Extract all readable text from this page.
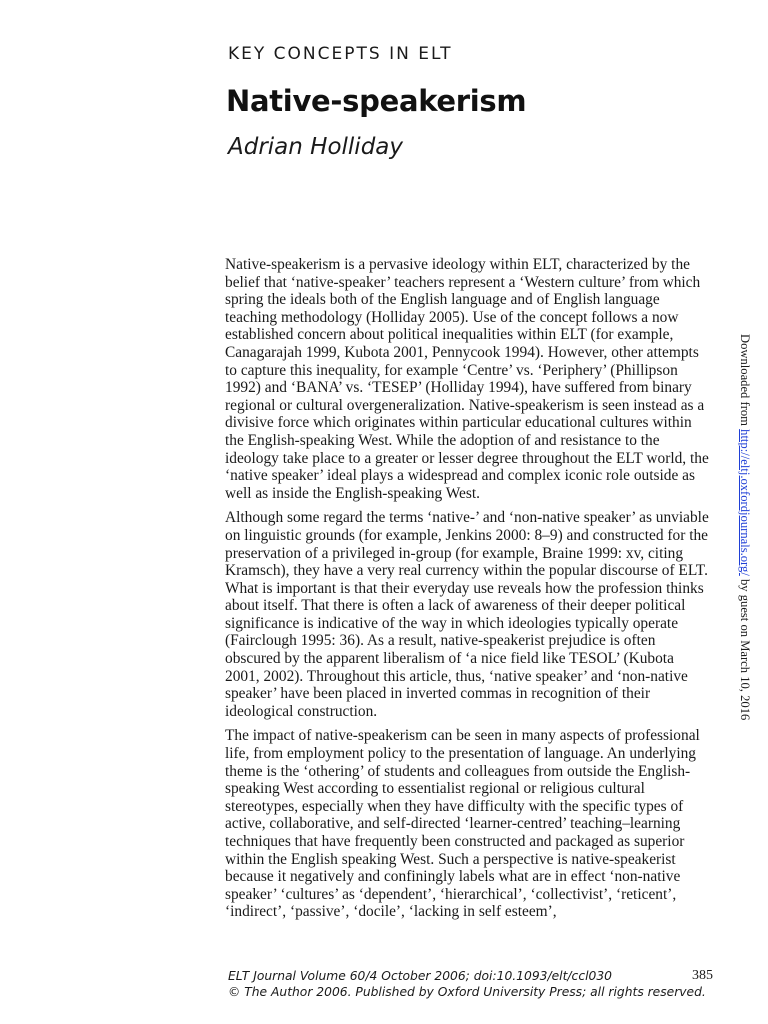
KEY CONCEPTS IN ELT
Native-speakerism
Adrian Holliday

Native-speakerism is a pervasive ideology within ELT, characterized by the belief that ‘native-speaker’ teachers represent a ‘Western culture’ from which spring the ideals both of the English language and of English language teaching methodology (Holliday 2005). Use of the concept follows a now established concern about political inequalities within ELT (for example, Canagarajah 1999, Kubota 2001, Pennycook 1994). However, other attempts to capture this inequality, for example ‘Centre’ vs. ‘Periphery’ (Phillipson 1992) and ‘BANA’ vs. ‘TESEP’ (Holliday 1994), have suffered from binary regional or cultural overgeneralization. Native-speakerism is seen instead as a divisive force which originates within particular educational cultures within the English-speaking West. While the adoption of and resistance to the ideology take place to a greater or lesser degree throughout the ELT world, the ‘native speaker’ ideal plays a widespread and complex iconic role outside as well as inside the English-speaking West.

Although some regard the terms ‘native-’ and ‘non-native speaker’ as unviable on linguistic grounds (for example, Jenkins 2000: 8–9) and constructed for the preservation of a privileged in-group (for example, Braine 1999: xv, citing Kramsch), they have a very real currency within the popular discourse of ELT. What is important is that their everyday use reveals how the profession thinks about itself. That there is often a lack of awareness of their deeper political significance is indicative of the way in which ideologies typically operate (Fairclough 1995: 36). As a result, native-speakerist prejudice is often obscured by the apparent liberalism of ‘a nice field like TESOL’ (Kubota 2001, 2002). Throughout this article, thus, ‘native speaker’ and ‘non-native speaker’ have been placed in inverted commas in recognition of their ideological construction.

The impact of native-speakerism can be seen in many aspects of professional life, from employment policy to the presentation of language. An underlying theme is the ‘othering’ of students and colleagues from outside the English-speaking West according to essentialist regional or religious cultural stereotypes, especially when they have difficulty with the specific types of active, collaborative, and self-directed ‘learner-centred’ teaching–learning techniques that have frequently been constructed and packaged as superior within the English speaking West. Such a perspective is native-speakerist because it negatively and confiningly labels what are in effect ‘non-native speaker’ ‘cultures’ as ‘dependent’, ‘hierarchical’, ‘collectivist’, ‘reticent’, ‘indirect’, ‘passive’, ‘docile’, ‘lacking in self esteem’,

ELT Journal Volume 60/4 October 2006; doi:10.1093/elt/ccl030	385
© The Author 2006. Published by Oxford University Press; all rights reserved.
Downloaded from http://eltj.oxfordjournals.org/ by guest on March 10, 2016
